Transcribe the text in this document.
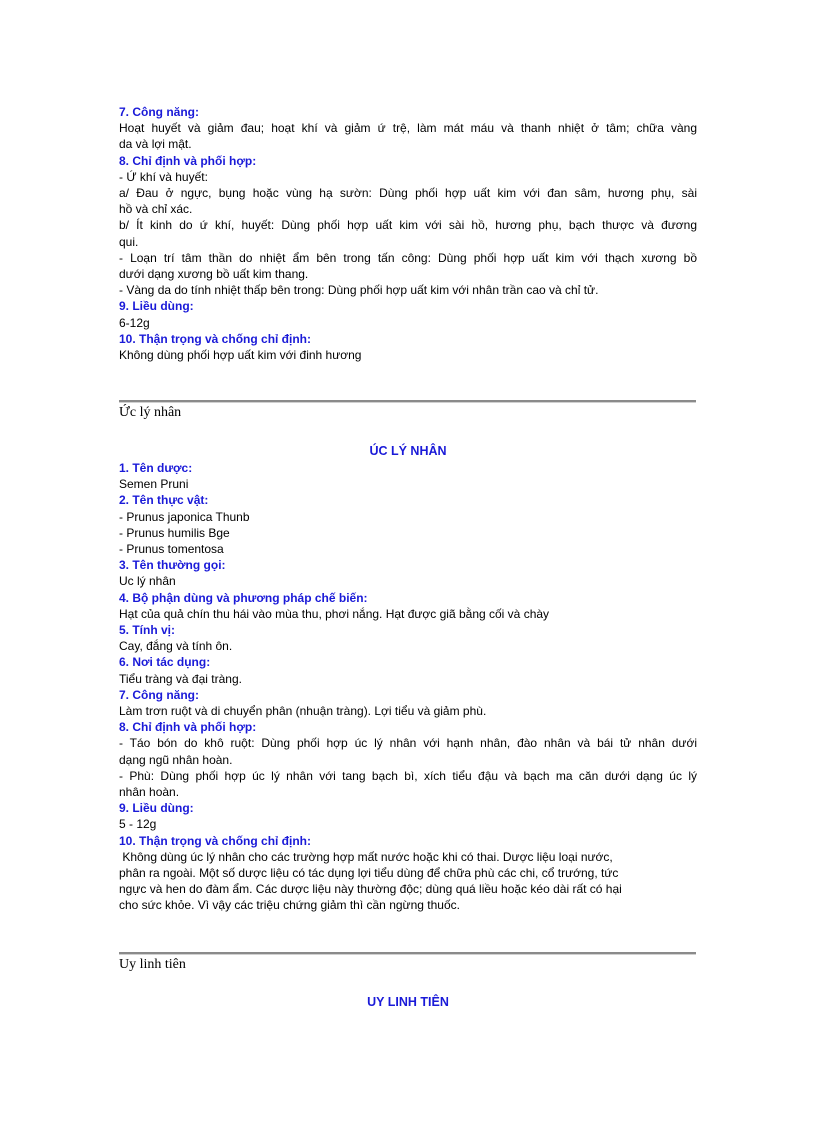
7. Công năng:
Hoạt huyết và giảm đau; hoạt khí và giảm ứ trệ, làm mát máu và thanh nhiệt ở tâm; chữa vàng
da và lợi mật.
8. Chỉ định và phối hợp:
- Ứ khí và huyết:
a/ Đau ở ngực, bụng hoặc vùng hạ sườn: Dùng phối hợp uất kim với đan sâm, hương phụ, sài
hồ và chỉ xác.
b/ Ít kinh do ứ khí, huyết: Dùng phối hợp uất kim với sài hồ, hương phụ, bạch thược và đương
qui.
- Loạn trí tâm thần do nhiệt ẩm bên trong tấn công: Dùng phối hợp uất kim với thạch xương bồ
dưới dạng xương bồ uất kim thang.
- Vàng da do tính nhiệt thấp bên trong: Dùng phối hợp uất kim với nhân trần cao và chỉ tử.
9. Liều dùng:
6-12g
10. Thận trọng và chống chỉ định:
Không dùng phối hợp uất kim với đinh hương
Ức lý nhân
ÚC LÝ NHÂN
1. Tên dược:
Semen Pruni
2. Tên thực vật:
- Prunus japonica Thunb
- Prunus humilis Bge
- Prunus tomentosa
3. Tên thường gọi:
Uc lý nhân
4. Bộ phận dùng và phương pháp chế biến:
Hạt của quả chín thu hái vào mùa thu, phơi nắng. Hạt được giã bằng cối và chày
5. Tính vị:
Cay, đắng và tính ôn.
6. Nơi tác dụng:
Tiểu tràng và đại tràng.
7. Công năng:
Làm trơn ruột và di chuyển phân (nhuận tràng). Lợi tiểu và giảm phù.
8. Chỉ định và phối hợp:
- Táo bón do khô ruột: Dùng phối hợp úc lý nhân với hạnh nhân, đào nhân và bái tử nhân dưới
dạng ngũ nhân hoàn.
- Phù: Dùng phối hợp úc lý nhân với tang bạch bì, xích tiểu đậu và bạch ma căn dưới dạng úc lý
nhân hoàn.
9. Liều dùng:
5 - 12g
10. Thận trọng và chống chỉ định:
Không dùng úc lý nhân cho các trường hợp mất nước hoặc khi có thai. Dược liệu loại nước,
phân ra ngoài. Một số dược liệu có tác dụng lợi tiểu dùng để chữa phù các chi, cổ trướng, tức
ngực và hen do đàm ẩm. Các dược liệu này thường độc; dùng quá liều hoặc kéo dài rất có hại
cho sức khỏe. Vì vậy các triệu chứng giảm thì cần ngừng thuốc.
Uy linh tiên
UY LINH TIÊN
